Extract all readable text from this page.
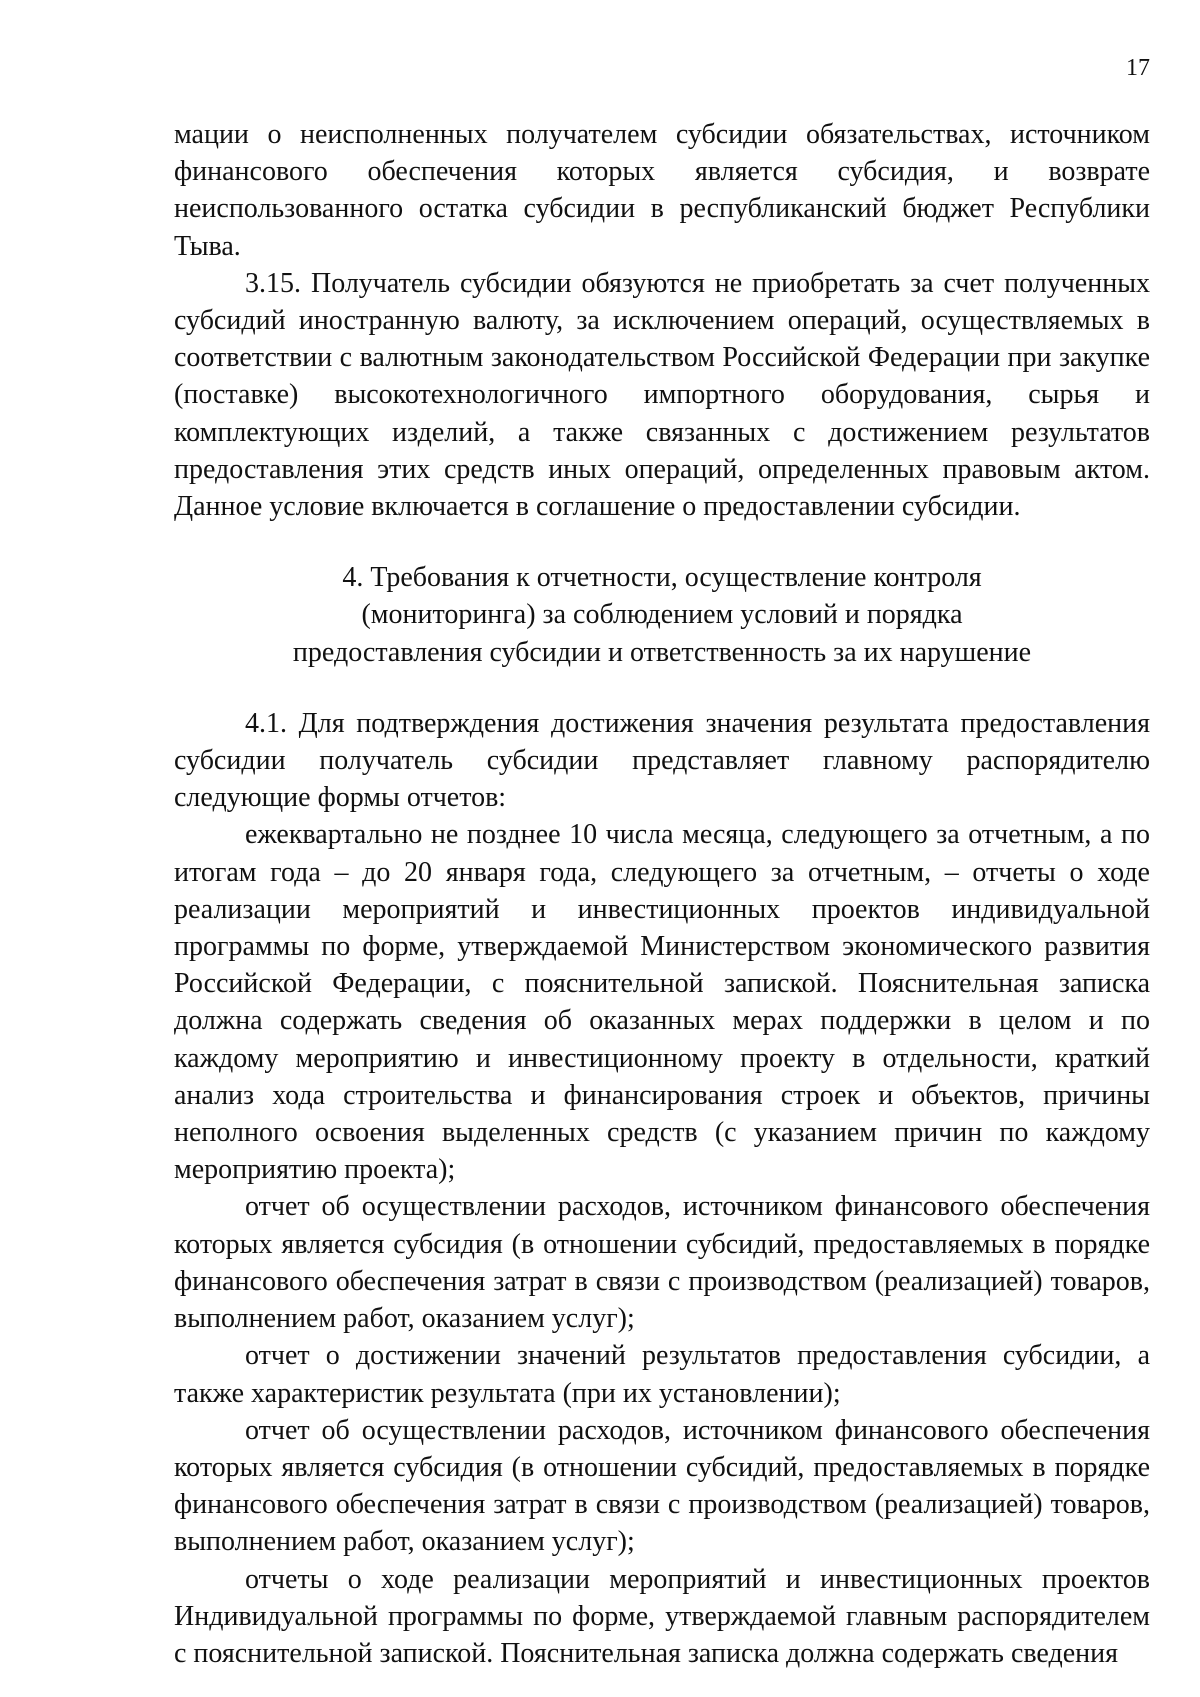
17

мации о неисполненных получателем субсидии обязательствах, источником финансового обеспечения которых является субсидия, и возврате неиспользованного остатка субсидии в республиканский бюджет Республики Тыва.

3.15. Получатель субсидии обязуются не приобретать за счет полученных субсидий иностранную валюту, за исключением операций, осуществляемых в соответствии с валютным законодательством Российской Федерации при закупке (поставке) высокотехнологичного импортного оборудования, сырья и комплектующих изделий, а также связанных с достижением результатов предоставления этих средств иных операций, определенных правовым актом. Данное условие включается в соглашение о предоставлении субсидии.

4. Требования к отчетности, осуществление контроля
(мониторинга) за соблюдением условий и порядка
предоставления субсидии и ответственность за их нарушение

4.1. Для подтверждения достижения значения результата предоставления субсидии получатель субсидии представляет главному распорядителю следующие формы отчетов:

ежеквартально не позднее 10 числа месяца, следующего за отчетным, а по итогам года – до 20 января года, следующего за отчетным, – отчеты о ходе реализации мероприятий и инвестиционных проектов индивидуальной программы по форме, утверждаемой Министерством экономического развития Российской Федерации, с пояснительной запиской. Пояснительная записка должна содержать сведения об оказанных мерах поддержки в целом и по каждому мероприятию и инвестиционному проекту в отдельности, краткий анализ хода строительства и финансирования строек и объектов, причины неполного освоения выделенных средств (с указанием причин по каждому мероприятию проекта);

отчет об осуществлении расходов, источником финансового обеспечения которых является субсидия (в отношении субсидий, предоставляемых в порядке финансового обеспечения затрат в связи с производством (реализацией) товаров, выполнением работ, оказанием услуг);

отчет о достижении значений результатов предоставления субсидии, а также характеристик результата (при их установлении);

отчет об осуществлении расходов, источником финансового обеспечения которых является субсидия (в отношении субсидий, предоставляемых в порядке финансового обеспечения затрат в связи с производством (реализацией) товаров, выполнением работ, оказанием услуг);

отчеты о ходе реализации мероприятий и инвестиционных проектов Индивидуальной программы по форме, утверждаемой главным распорядителем с пояснительной запиской. Пояснительная записка должна содержать сведения
